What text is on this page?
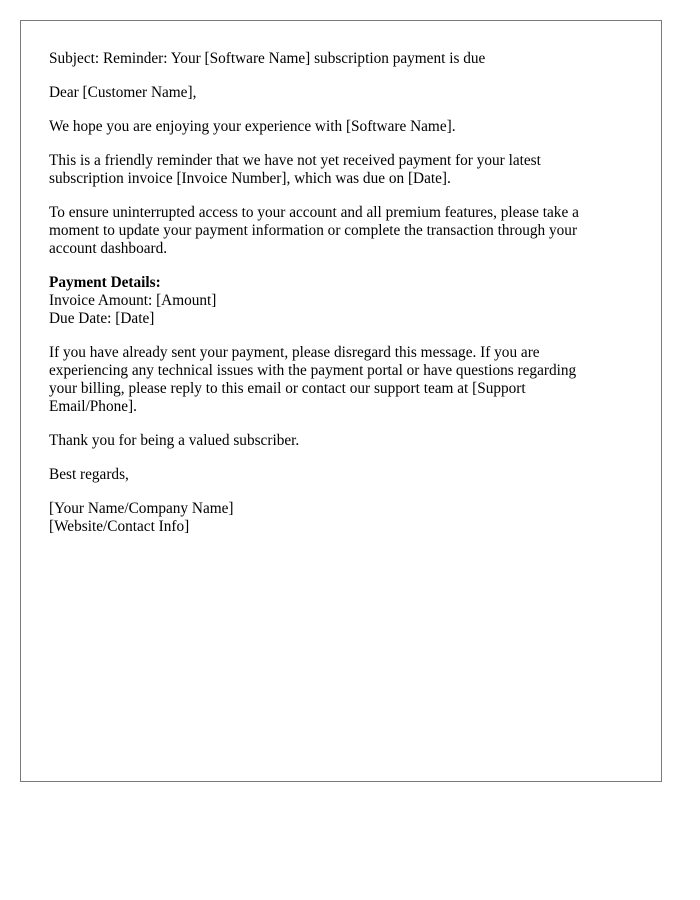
Subject: Reminder: Your [Software Name] subscription payment is due

Dear [Customer Name],

We hope you are enjoying your experience with [Software Name].

This is a friendly reminder that we have not yet received payment for your latest
subscription invoice [Invoice Number], which was due on [Date].

To ensure uninterrupted access to your account and all premium features, please take a
moment to update your payment information or complete the transaction through your
account dashboard.

Payment Details:
Invoice Amount: [Amount]
Due Date: [Date]

If you have already sent your payment, please disregard this message. If you are
experiencing any technical issues with the payment portal or have questions regarding
your billing, please reply to this email or contact our support team at [Support
Email/Phone].

Thank you for being a valued subscriber.

Best regards,

[Your Name/Company Name]
[Website/Contact Info]
